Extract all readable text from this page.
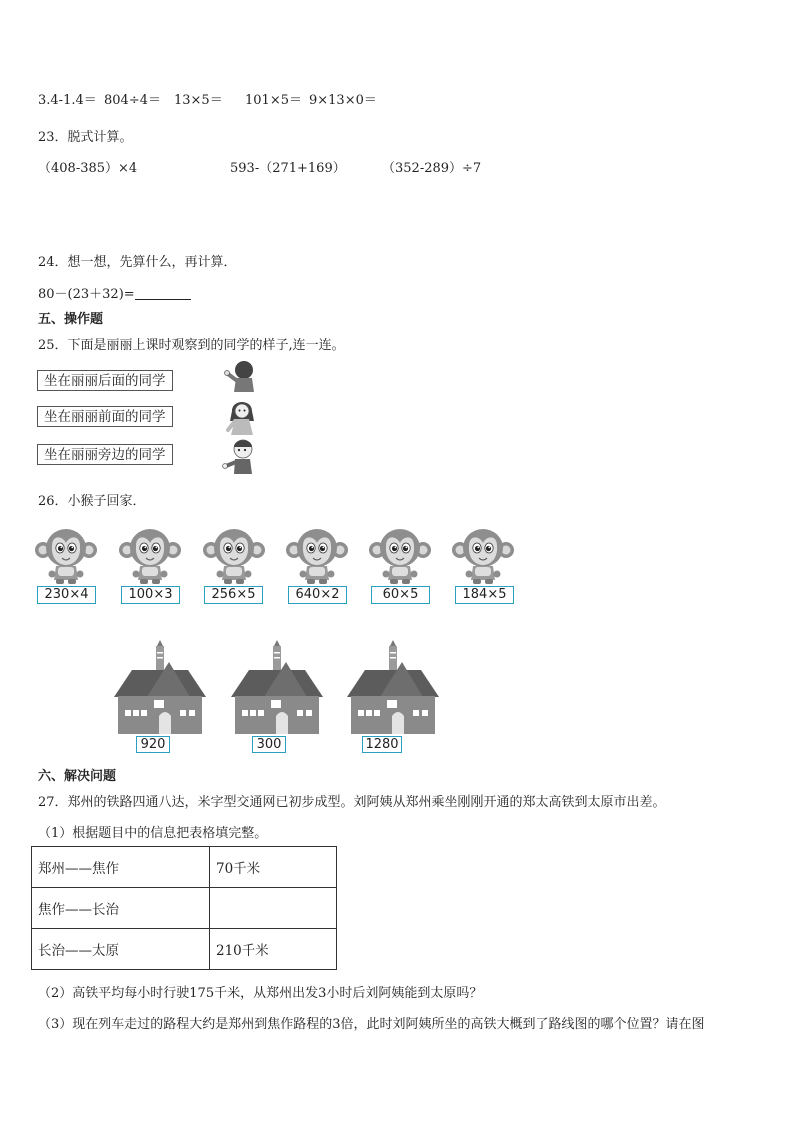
3.4-1.4＝ 804÷4＝ 13×5＝ 101×5＝ 9×13×0＝
23．脱式计算。
（408-385）×4	593-（271+169）	（352-289）÷7
24．想一想，先算什么，再计算．
80－(23＋32)=
五、操作题
25．下面是丽丽上课时观察到的同学的样子,连一连。
坐在丽丽后面的同学
坐在丽丽前面的同学
坐在丽丽旁边的同学
26．小猴子回家．
230×4	100×3	256×5	640×2	60×5	184×5
920	300	1280
六、解决问题
27．郑州的铁路四通八达，米字型交通网已初步成型。刘阿姨从郑州乘坐刚刚开通的郑太高铁到太原市出差。
（1）根据题目中的信息把表格填完整。
郑州——焦作	70千米
焦作——长治	
长治——太原	210千米
（2）高铁平均每小时行驶175千米，从郑州出发3小时后刘阿姨能到太原吗？
（3）现在列车走过的路程大约是郑州到焦作路程的3倍，此时刘阿姨所坐的高铁大概到了路线图的哪个位置？请在图
